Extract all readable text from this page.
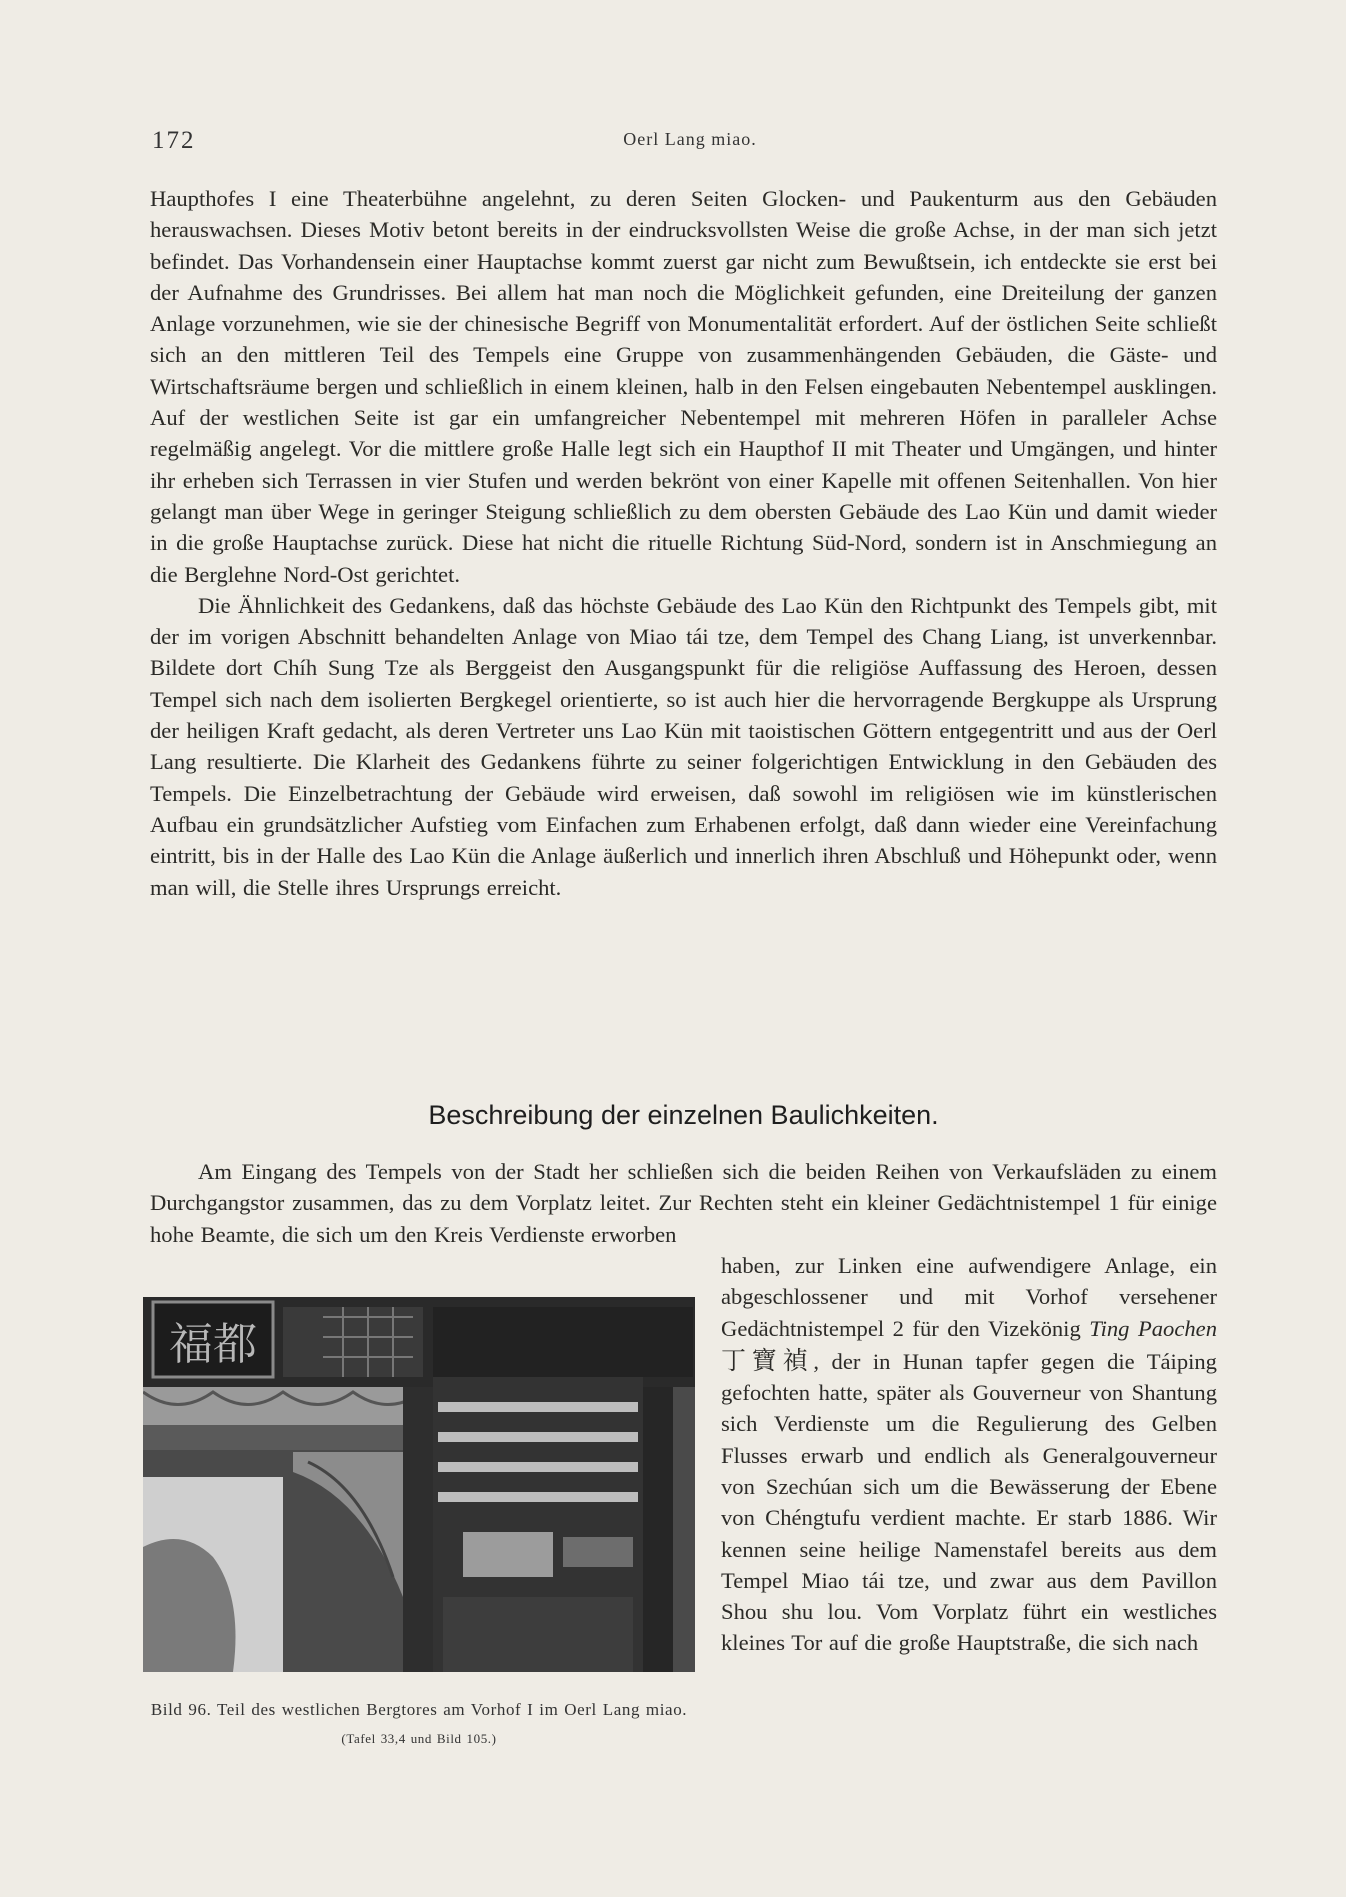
172	Oerl Lang miao.

Haupthofes I eine Theaterbühne angelehnt, zu deren Seiten Glocken- und Paukenturm aus den Gebäuden herauswachsen. Dieses Motiv betont bereits in der eindrucksvollsten Weise die große Achse, in der man sich jetzt befindet. Das Vorhandensein einer Hauptachse kommt zuerst gar nicht zum Bewußtsein, ich entdeckte sie erst bei der Aufnahme des Grundrisses. Bei allem hat man noch die Möglichkeit gefunden, eine Dreiteilung der ganzen Anlage vorzunehmen, wie sie der chinesische Begriff von Monumentalität erfordert. Auf der östlichen Seite schließt sich an den mittleren Teil des Tempels eine Gruppe von zusammenhängenden Gebäuden, die Gäste- und Wirtschaftsräume bergen und schließlich in einem kleinen, halb in den Felsen eingebauten Nebentempel ausklingen. Auf der westlichen Seite ist gar ein umfangreicher Nebentempel mit mehreren Höfen in paralleler Achse regelmäßig angelegt. Vor die mittlere große Halle legt sich ein Haupthof II mit Theater und Umgängen, und hinter ihr erheben sich Terrassen in vier Stufen und werden bekrönt von einer Kapelle mit offenen Seitenhallen. Von hier gelangt man über Wege in geringer Steigung schließlich zu dem obersten Gebäude des Lao Kün und damit wieder in die große Hauptachse zurück. Diese hat nicht die rituelle Richtung Süd-Nord, sondern ist in Anschmiegung an die Berglehne Nord-Ost gerichtet.

Die Ähnlichkeit des Gedankens, daß das höchste Gebäude des Lao Kün den Richtpunkt des Tempels gibt, mit der im vorigen Abschnitt behandelten Anlage von Miao tái tze, dem Tempel des Chang Liang, ist unverkennbar. Bildete dort Chíh Sung Tze als Berggeist den Ausgangspunkt für die religiöse Auffassung des Heroen, dessen Tempel sich nach dem isolierten Bergkegel orientierte, so ist auch hier die hervorragende Bergkuppe als Ursprung der heiligen Kraft gedacht, als deren Vertreter uns Lao Kün mit taoistischen Göttern entgegentritt und aus der Oerl Lang resultierte. Die Klarheit des Gedankens führte zu seiner folgerichtigen Entwicklung in den Gebäuden des Tempels. Die Einzelbetrachtung der Gebäude wird erweisen, daß sowohl im religiösen wie im künstlerischen Aufbau ein grundsätzlicher Aufstieg vom Einfachen zum Erhabenen erfolgt, daß dann wieder eine Vereinfachung eintritt, bis in der Halle des Lao Kün die Anlage äußerlich und innerlich ihren Abschluß und Höhepunkt oder, wenn man will, die Stelle ihres Ursprungs erreicht.

Beschreibung der einzelnen Baulichkeiten.

Am Eingang des Tempels von der Stadt her schließen sich die beiden Reihen von Verkaufsläden zu einem Durchgangstor zusammen, das zu dem Vorplatz leitet. Zur Rechten steht ein kleiner Gedächtnistempel 1 für einige hohe Beamte, die sich um den Kreis Verdienste erworben

福都
Bild 96. Teil des westlichen Bergtores am Vorhof I im Oerl Lang miao. (Tafel 33,4 und Bild 105.)

haben, zur Linken eine aufwendigere Anlage, ein abgeschlossener und mit Vorhof versehener Gedächtnistempel 2 für den Vizekönig Ting Paochen 丁寶禎, der in Hunan tapfer gegen die Táiping gefochten hatte, später als Gouverneur von Shantung sich Verdienste um die Regulierung des Gelben Flusses erwarb und endlich als Generalgouverneur von Szechúan sich um die Bewässerung der Ebene von Chéngtufu verdient machte. Er starb 1886. Wir kennen seine heilige Namenstafel bereits aus dem Tempel Miao tái tze, und zwar aus dem Pavillon Shou shu lou. Vom Vorplatz führt ein westliches kleines Tor auf die große Hauptstraße, die sich nach
